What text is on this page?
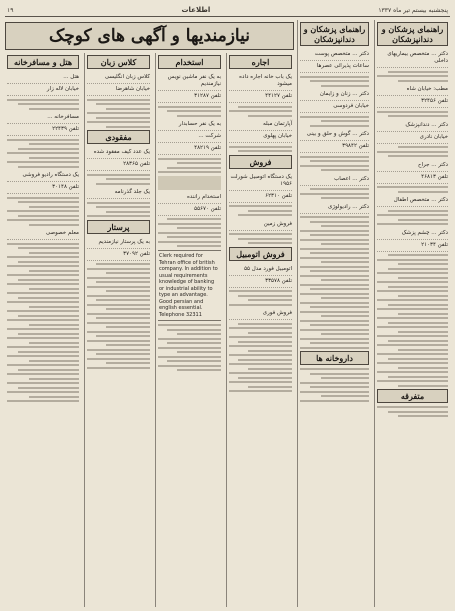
۱۹	اطلاعات	پنجشنبه بیستم تیر ماه ۱۳۳۷
راهنمای پزشکان و دندانپزشکان
دکتر ... متخصص بیماریهای داخلی
مطب: خیابان شاه
تلفن ۳۲۴۵۶
دکتر ... دندانپزشک
خیابان نادری
دکتر ... جراح
تلفن ۴۶۸۱۳
دکتر ... متخصص اطفال
دکتر ... چشم پزشک
تلفن ۲۱۰۳۴
متفرقه
راهنمای پزشکان و دندانپزشکان
دکتر ... متخصص پوست
ساعات پذیرائی عصرها
دکتر ... زنان و زایمان
خیابان فردوسی
دکتر ... گوش و حلق و بینی
تلفن ۳۹۸۴۲
دکتر ... اعصاب
دکتر ... رادیولوژی
داروخانه ها
نیازمندیها و آگهی های کوچک
اجاره
یک باب خانه اجاره داده میشود
تلفن ۴۴۱۲۷
آپارتمان مبله
خیابان پهلوی
فروش
یک دستگاه اتومبیل شورلت ۱۹۵۶
تلفن ۶۲۳۱۰
فروش زمین
فروش اتومبیل
اتومبیل فورد مدل ۵۵
تلفن ۳۳۵۷۸
فروش فوری
استخدام
به یک نفر ماشین نویس نیازمندیم
تلفن ۳۱۲۸۷
به یک نفر حسابدار
شرکت ...
تلفن ۴۸۲۱۹
استخدام راننده
تلفن ۵۵۶۷۰
Clerk required for Tehran office of british company. In addition to usual requirements knowledge of banking or industrial ability to type an advantage. Good persian and english essential. Telephone 32311
کلاس زبان
کلاس زبان انگلیسی
خیابان شاهرضا
مفقودی
یک عدد کیف مفقود شده
تلفن ۲۸۳۶۵
یک جلد گذرنامه
پرستار
به یک پرستار نیازمندیم
تلفن ۳۷۰۹۲
هتل و مسافرخانه
هتل ...
خیابان لاله زار
مسافرخانه ...
تلفن ۲۲۴۳۹
یک دستگاه رادیو فروشی
تلفن ۳۰۱۴۸
معلم خصوصی
